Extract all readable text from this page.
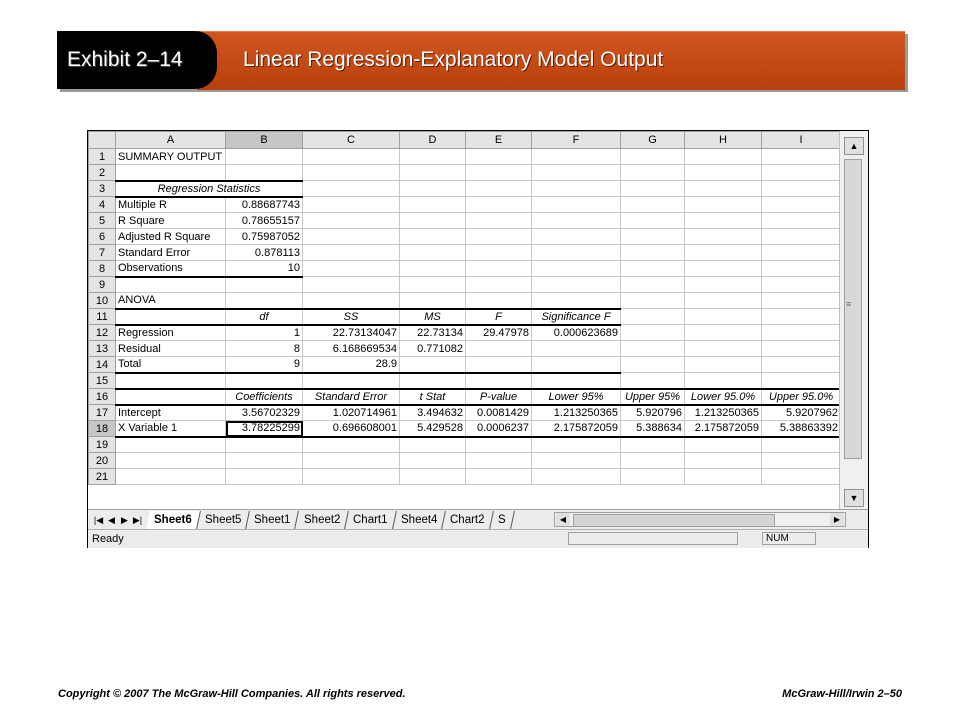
Exhibit 2–14	Linear Regression-Explanatory Model Output
	A	B	C	D	E	F	G	H	I
1	SUMMARY OUTPUT								
2									
3	Regression Statistics								
4	Multiple R	0.88687743							
5	R Square	0.78655157							
6	Adjusted R Square	0.75987052							
7	Standard Error	0.878113							
8	Observations	10							
9									
10	ANOVA								
11		df	SS	MS	F	Significance F			
12	Regression	1	22.73134047	22.73134	29.47978	0.000623689			
13	Residual	8	6.168669534	0.771082					
14	Total	9	28.9						
15									
16		Coefficients	Standard Error	t Stat	P-value	Lower 95%	Upper 95%	Lower 95.0%	Upper 95.0%
17	Intercept	3.56702329	1.020714961	3.494632	0.0081429	1.213250365	5.920796	1.213250365	5.9207962
18	X Variable 1	3.78225299	0.696608001	5.429528	0.0006237	2.175872059	5.388634	2.175872059	5.38863392
19									
20									
21									
▲
≡
▼
|◀ ◀ ▶ ▶|	Sheet6	Sheet5	Sheet1	Sheet2	Chart1	Sheet4	Chart2	S	◀	▶
Ready	NUM
Copyright © 2007 The McGraw-Hill Companies. All rights reserved.	McGraw-Hill/Irwin 2–50
